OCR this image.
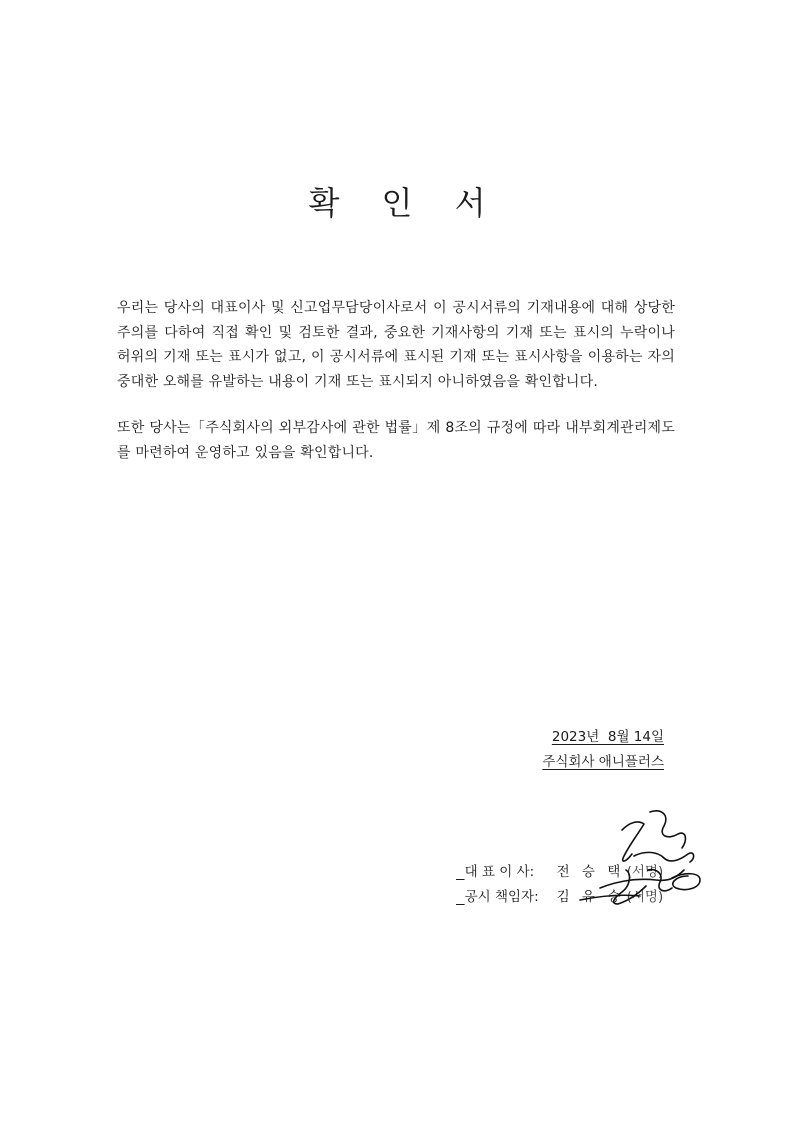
확 인 서

우리는 당사의 대표이사 및 신고업무담당이사로서 이 공시서류의 기재내용에 대해 상당한 주의를 다하여 직접 확인 및 검토한 결과, 중요한 기재사항의 기재 또는 표시의 누락이나 허위의 기재 또는 표시가 없고, 이 공시서류에 표시된 기재 또는 표시사항을 이용하는 자의 중대한 오해를 유발하는 내용이 기재 또는 표시되지 아니하였음을 확인합니다.

또한 당사는「주식회사의 외부감사에 관한 법률」제 8조의 규정에 따라 내부회계관리제도를 마련하여 운영하고 있음을 확인합니다.

2023년  8월 14일
주식회사 애니플러스

대 표 이 사: 전 승 택 (서명)

공시 책임자: 김 유 승 (서명)
